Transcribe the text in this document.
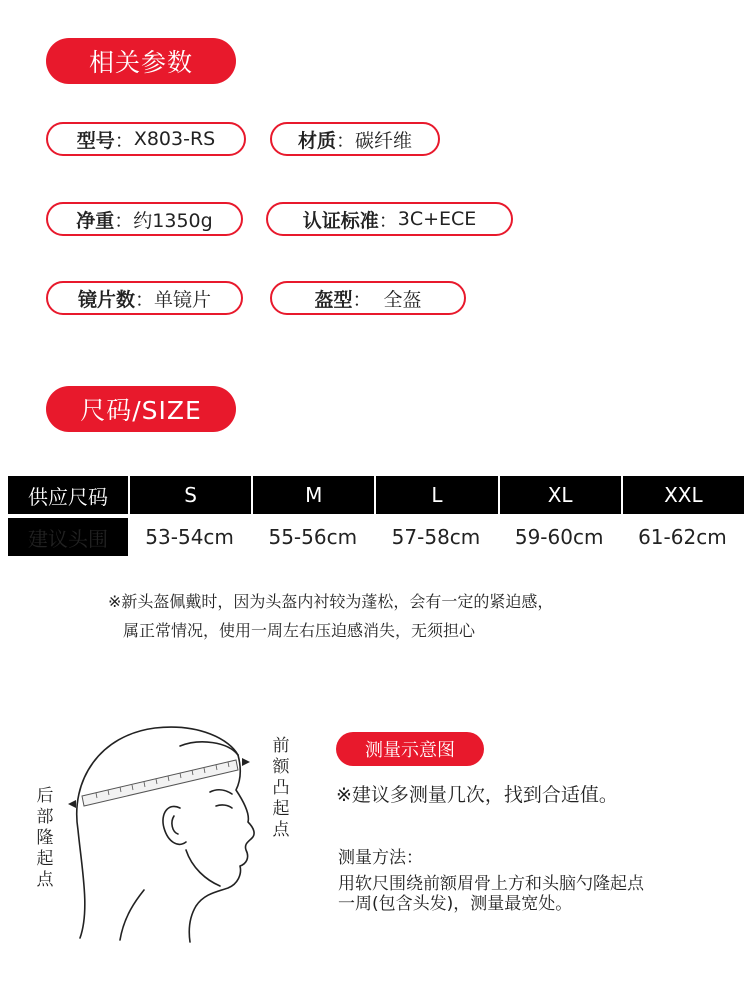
相关参数
型号 ： X803-RS	材质 ： 碳纤维
净重 ： 约1350g	认证标准 ： 3C+ECE
镜片数 ： 单镜片	盔型 ： 全盔
尺码/SIZE
供应尺码	S	M	L	XL	XXL
建议头围	53-54cm	55-56cm	57-58cm	59-60cm	61-62cm
※新头盔佩戴时，因为头盔内衬较为蓬松，会有一定的紧迫感，
属正常情况，使用一周左右压迫感消失，无须担心
前额凸起点
后部隆起点
测量示意图
※建议多测量几次，找到合适值。
测量方法：
用软尺围绕前额眉骨上方和头脑勺隆起点
一周(包含头发)，测量最宽处。
